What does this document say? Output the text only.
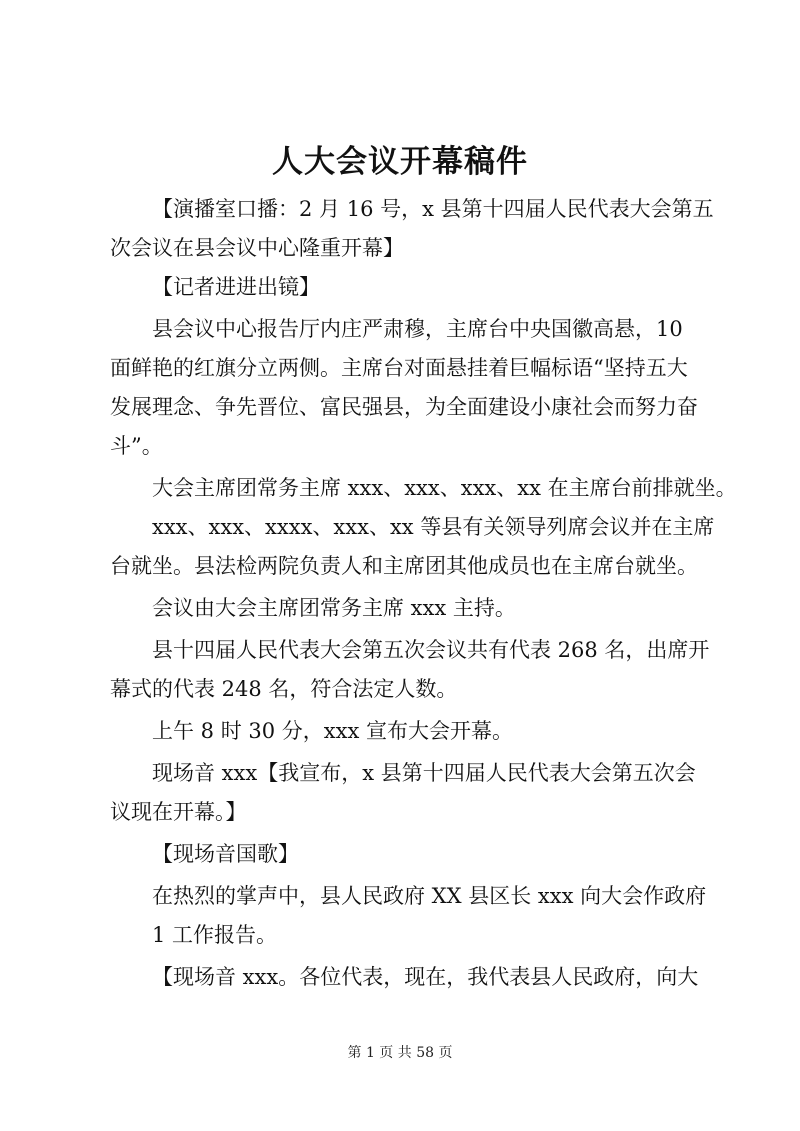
人大会议开幕稿件

【演播室口播：2 月 16 号，x 县第十四届人民代表大会第五

次会议在县会议中心隆重开幕】

【记者进进出镜】

县会议中心报告厅内庄严肃穆，主席台中央国徽高悬，10

面鲜艳的红旗分立两侧。主席台对面悬挂着巨幅标语“坚持五大

发展理念、争先晋位、富民强县，为全面建设小康社会而努力奋

斗”。

大会主席团常务主席 xxx、xxx、xxx、xx 在主席台前排就坐。

xxx、xxx、xxxx、xxx、xx 等县有关领导列席会议并在主席

台就坐。县法检两院负责人和主席团其他成员也在主席台就坐。

会议由大会主席团常务主席 xxx 主持。

县十四届人民代表大会第五次会议共有代表 268 名，出席开

幕式的代表 248 名，符合法定人数。

上午 8 时 30 分，xxx 宣布大会开幕。

现场音 xxx【我宣布，x 县第十四届人民代表大会第五次会

议现在开幕。】

【现场音国歌】

在热烈的掌声中，县人民政府 XX 县区长 xxx 向大会作政府

1 工作报告。

【现场音 xxx。各位代表，现在，我代表县人民政府，向大

第 1 页 共 58 页
